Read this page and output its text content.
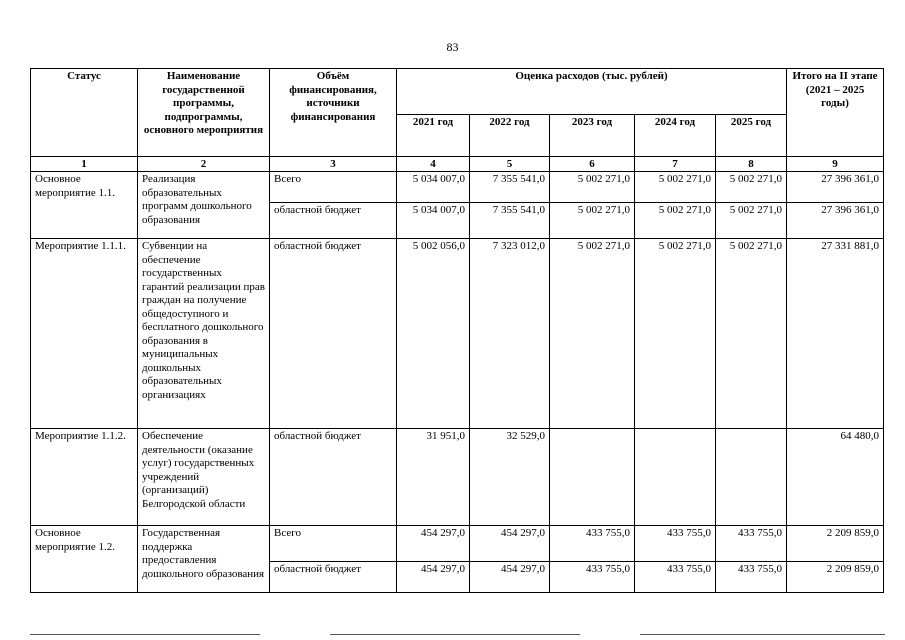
83
Статус	Наименование государственной программы, подпрограммы, основного мероприятия	Объём финансирования, источники финансирования	Оценка расходов (тыс. рублей)					Итого на II этапе (2021 – 2025 годы)
			2021 год	2022 год	2023 год	2024 год	2025 год	
1	2	3	4	5	6	7	8	9
Основное мероприятие 1.1.	Реализация образовательных программ дошкольного образования	Всего	5 034 007,0	7 355 541,0	5 002 271,0	5 002 271,0	5 002 271,0	27 396 361,0
		областной бюджет	5 034 007,0	7 355 541,0	5 002 271,0	5 002 271,0	5 002 271,0	27 396 361,0
Мероприятие 1.1.1.	Субвенции на обеспечение государственных гарантий реализации прав граждан на получение общедоступного и бесплатного дошкольного образования в муниципальных дошкольных образовательных организациях	областной бюджет	5 002 056,0	7 323 012,0	5 002 271,0	5 002 271,0	5 002 271,0	27 331 881,0
Мероприятие 1.1.2.	Обеспечение деятельности (оказание услуг) государственных учреждений (организаций) Белгородской области	областной бюджет	31 951,0	32 529,0				64 480,0
Основное мероприятие 1.2.	Государственная поддержка предоставления дошкольного образования	Всего	454 297,0	454 297,0	433 755,0	433 755,0	433 755,0	2 209 859,0
		областной бюджет	454 297,0	454 297,0	433 755,0	433 755,0	433 755,0	2 209 859,0
